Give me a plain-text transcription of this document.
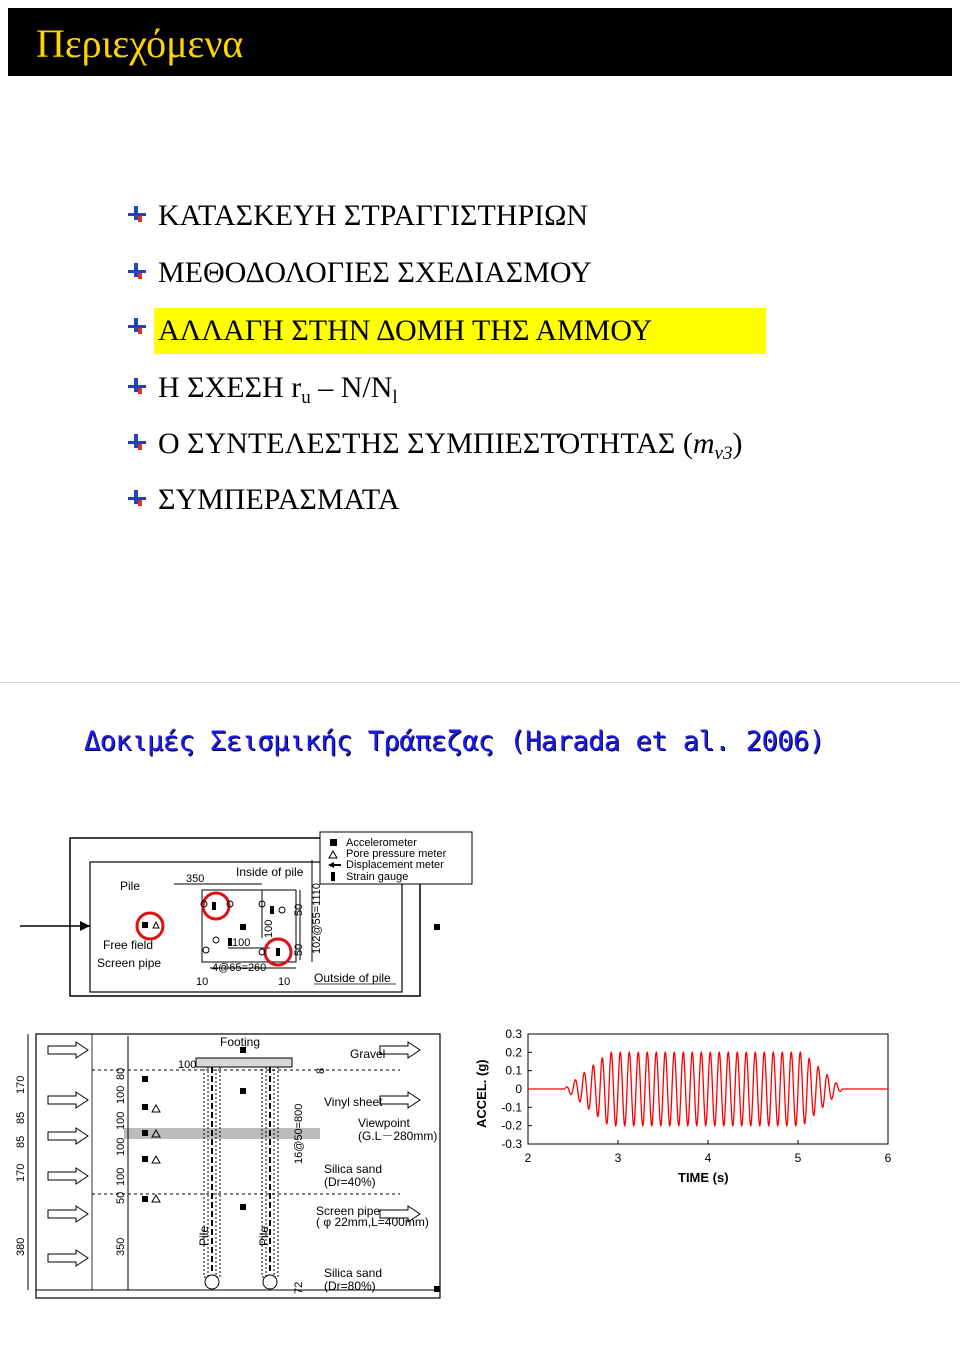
Περιεχόμενα
ΚΑΤΑΣΚΕΥΗ ΣΤΡΑΓΓΙΣΤΗΡΙΩΝ
ΜΕΘΟΔΟΛΟΓΙΕΣ ΣΧΕΔΙΑΣΜΟΥ
ΑΛΛΑΓΗ ΣΤΗΝ ΔΟΜΗ ΤΗΣ ΑΜΜΟΥ
Η ΣΧΕΣΗ $r_u - N/N_l$
Ο ΣΥΝΤΕΛΕΣΤΗΣ ΣΥΜΠΙΕΣΤΌΤΗΤΑΣ $(m_{v3})$
ΣΥΜΠΕΡΑΣΜΑΤΑ
Δοκιμές Σεισμικής Τράπεζας (Harada et al. 2006)
Accelerometer
Pore pressure meter
Displacement meter
Strain gauge
Pile	350	Inside of pile
Free field
Screen pipe
100
4@65=260
10	10 Outside of pile
100
50
50 102@55=1110
Footing
Gravel
Vinyl sheet
Viewpoint
(G.L－280mm)
Silica sand
(Dr=40%)
Screen pipe
( φ 22mm,L=400mm)
Silica sand
(Dr=80%)
100
Pile	Pile
8
16@50=800
72
380
170
85
85
170
350
50
100
100
100
100
80
0.3
0.2
0.1
0
-0.1
-0.2
-0.3
2	3	4	5	6
ACCEL. (g)
TIME (s)
